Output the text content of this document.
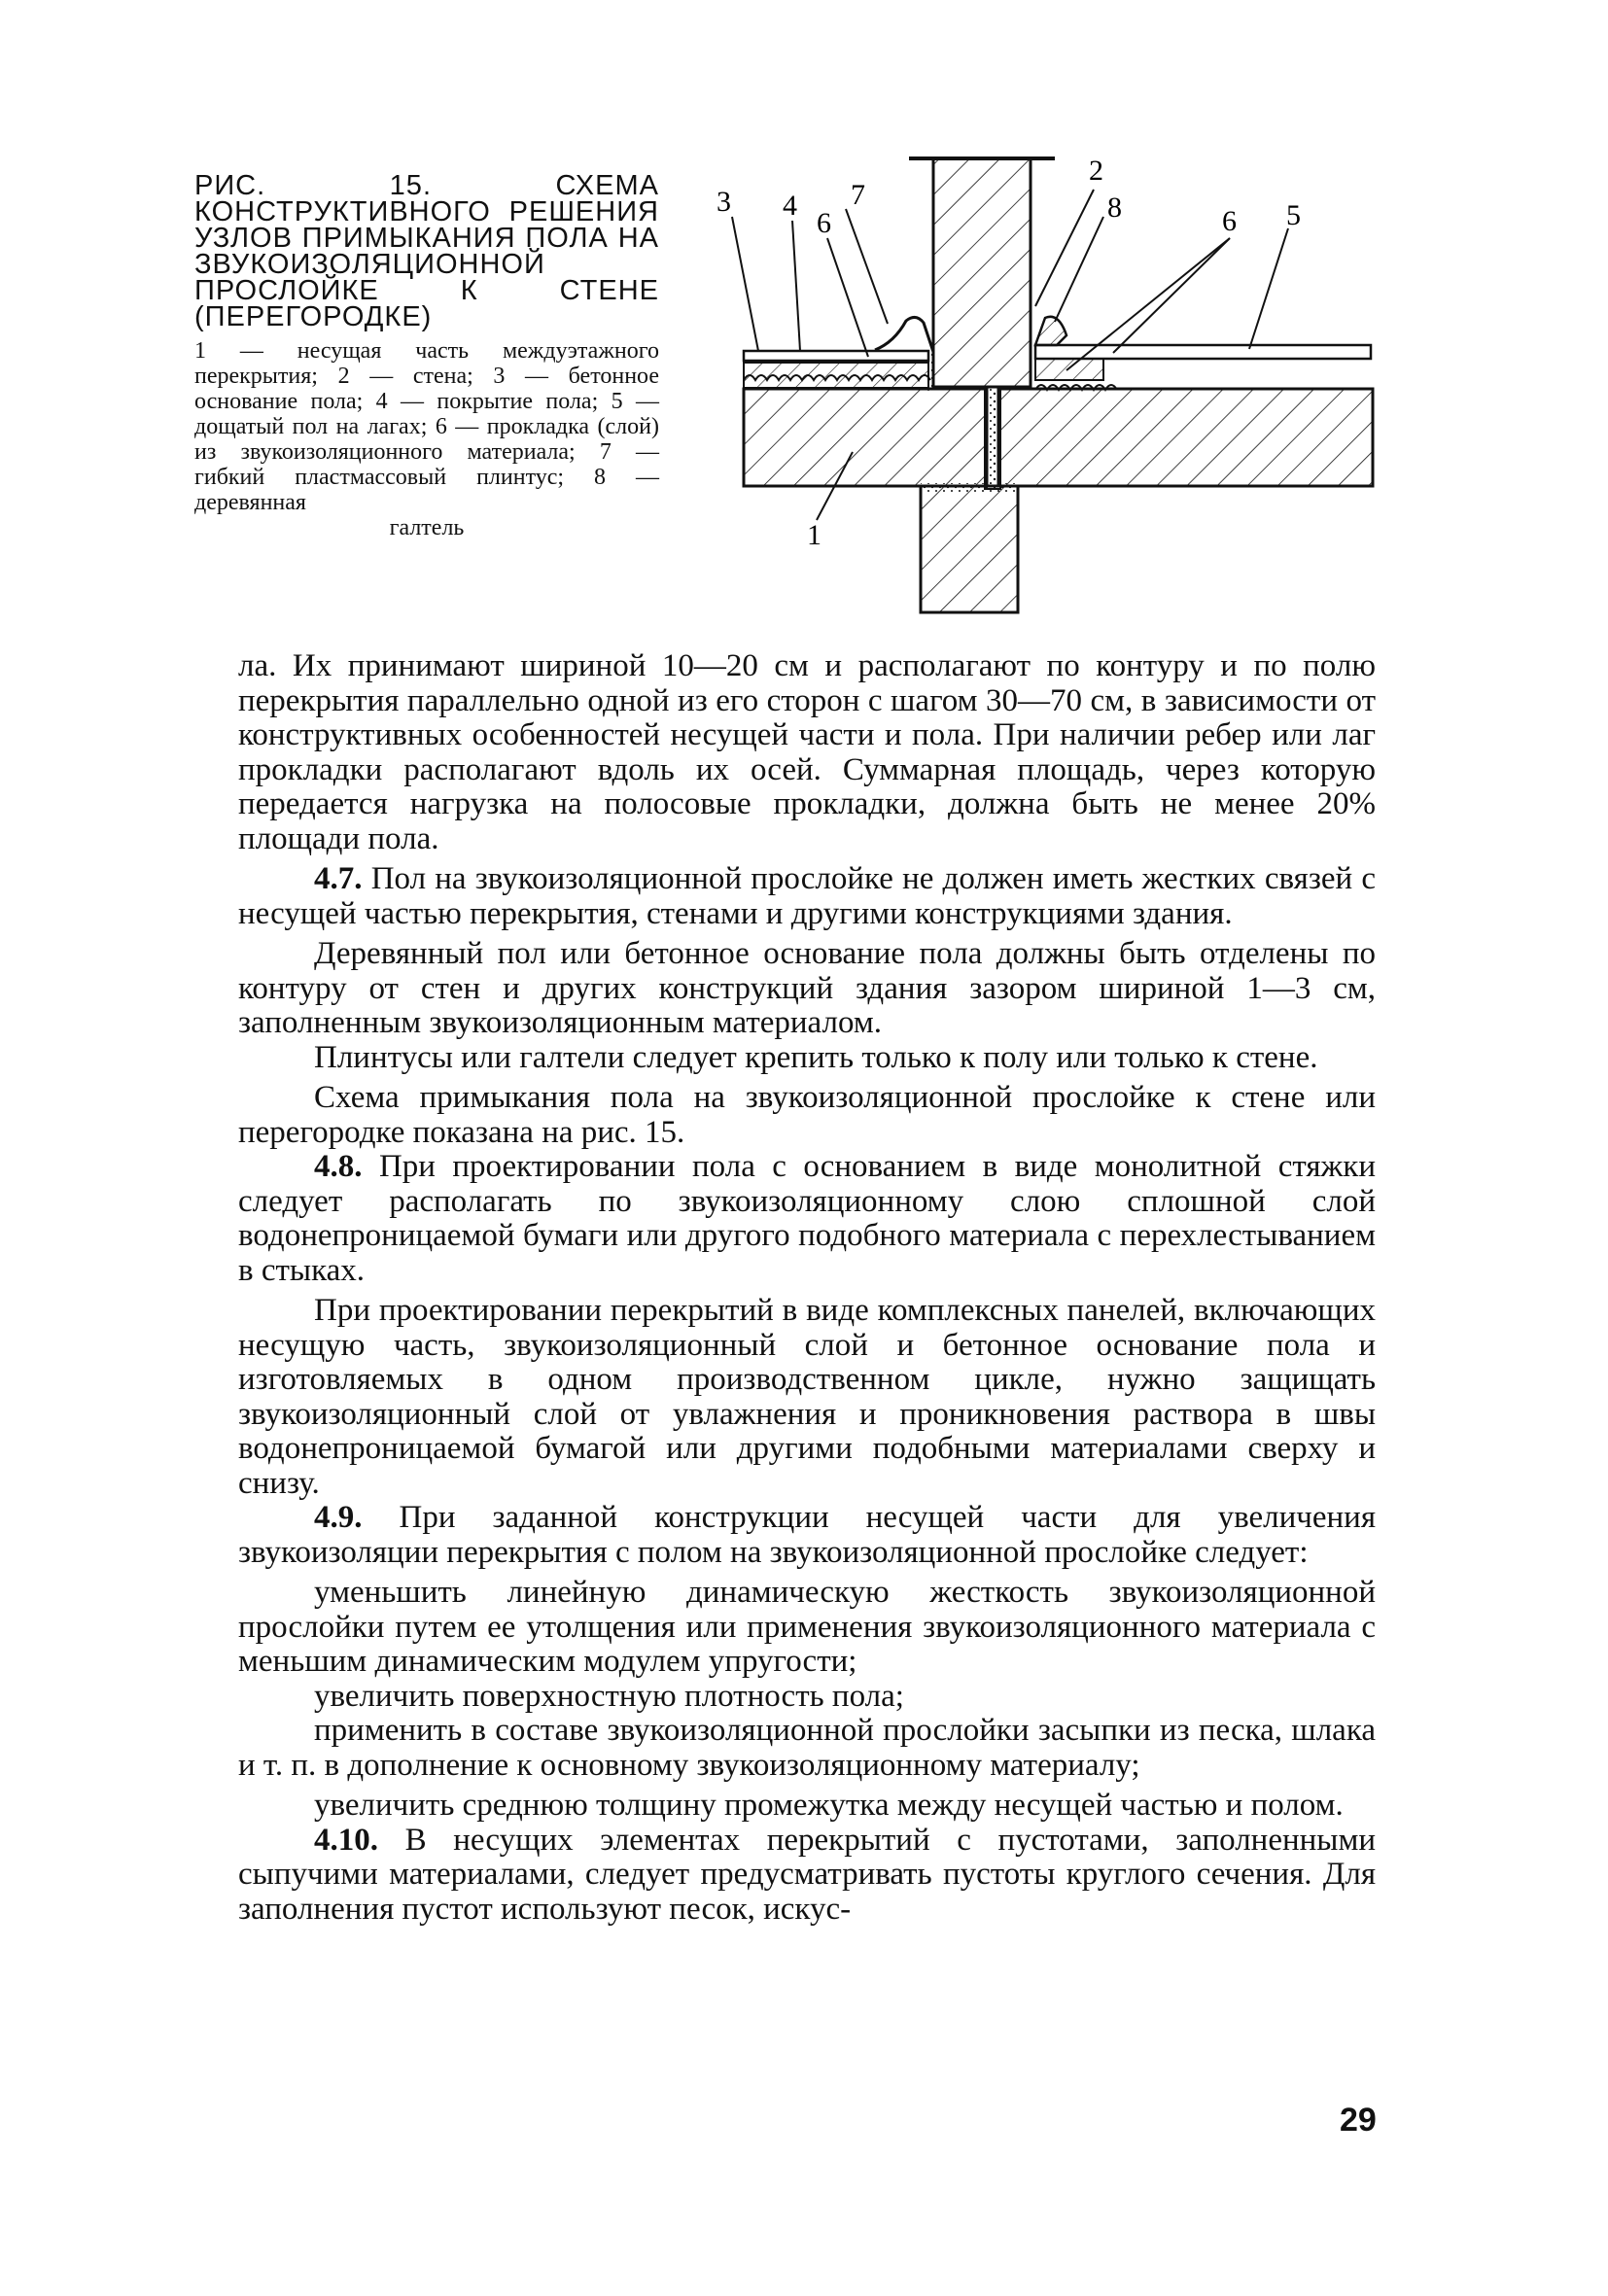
РИС. 15. СХЕМА КОНСТРУКТИВНОГО РЕШЕНИЯ УЗЛОВ ПРИМЫКАНИЯ ПОЛА НА ЗВУКОИЗОЛЯЦИОННОЙ ПРОСЛОЙКЕ К СТЕНЕ (ПЕРЕГОРОДКЕ)

1 — несущая часть междуэтажного перекрытия; 2 — стена; 3 — бетонное основание пола; 4 — покрытие пола; 5 — дощатый пол на лагах; 6 — прокладка (слой) из звукоизоляционного материала; 7 — гибкий пластмассовый плинтус; 8 — деревянная
галтель

3 4 7
6
2
8	6 5
1

ла. Их принимают шириной 10—20 см и располагают по контуру и по полю перекрытия параллельно одной из его сторон с шагом 30—70 см, в зависимости от конструктивных особенностей несущей части и пола. При наличии ребер или лаг прокладки располагают вдоль их осей. Суммарная площадь, через которую передается нагрузка на полосовые прокладки, должна быть не менее 20% площади пола.

4.7. Пол на звукоизоляционной прослойке не должен иметь жестких связей с несущей частью перекрытия, стенами и другими конструкциями здания.

Деревянный пол или бетонное основание пола должны быть отделены по контуру от стен и других конструкций здания зазором шириной 1—3 см, заполненным звукоизоляционным материалом.

Плинтусы или галтели следует крепить только к полу или только к стене.

Схема примыкания пола на звукоизоляционной прослойке к стене или перегородке показана на рис. 15.

4.8. При проектировании пола с основанием в виде монолитной стяжки следует располагать по звукоизоляционному слою сплошной слой водонепроницаемой бумаги или другого подобного материала с перехлестыванием в стыках.

При проектировании перекрытий в виде комплексных панелей, включающих несущую часть, звукоизоляционный слой и бетонное основание пола и изготовляемых в одном производственном цикле, нужно защищать звукоизоляционный слой от увлажнения и проникновения раствора в швы водонепроницаемой бумагой или другими подобными материалами сверху и снизу.

4.9. При заданной конструкции несущей части для увеличения звукоизоляции перекрытия с полом на звукоизоляционной прослойке следует:

уменьшить линейную динамическую жесткость звукоизоляционной прослойки путем ее утолщения или применения звукоизоляционного материала с меньшим динамическим модулем упругости;

увеличить поверхностную плотность пола;

применить в составе звукоизоляционной прослойки засыпки из песка, шлака и т. п. в дополнение к основному звукоизоляционному материалу;

увеличить среднюю толщину промежутка между несущей частью и полом.

4.10. В несущих элементах перекрытий с пустотами, заполненными сыпучими материалами, следует предусматривать пустоты круглого сечения. Для заполнения пустот используют песок, искус-

29
